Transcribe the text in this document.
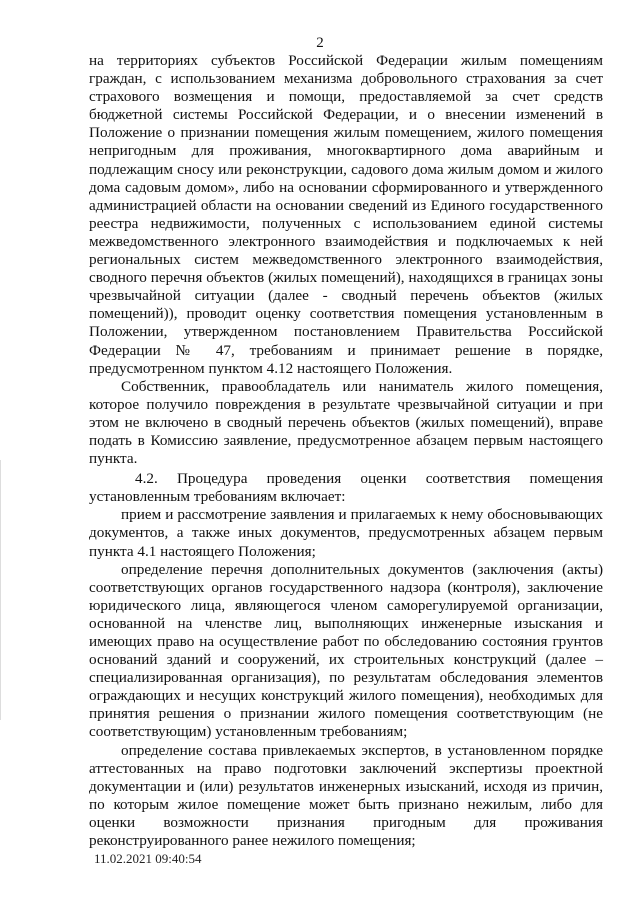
2

на территориях субъектов Российской Федерации жилым помещениям граждан, с использованием механизма добровольного страхования за счет страхового возмещения и помощи, предоставляемой за счет средств бюджетной системы Российской Федерации, и о внесении изменений в Положение о признании помещения жилым помещением, жилого помещения непригодным для проживания, многоквартирного дома аварийным и подлежащим сносу или реконструкции, садового дома жилым домом и жилого дома садовым домом», либо на основании сформированного и утвержденного администрацией области на основании сведений из Единого государственного реестра недвижимости, полученных с использованием единой системы межведомственного электронного взаимодействия и подключаемых к ней региональных систем межведомственного электронного взаимодействия, сводного перечня объектов (жилых помещений), находящихся в границах зоны чрезвычайной ситуации (далее - сводный перечень объектов (жилых помещений)), проводит оценку соответствия помещения установленным в Положении, утвержденном постановлением Правительства Российской Федерации № 47, требованиям и принимает решение в порядке, предусмотренном пунктом 4.12 настоящего Положения.

Собственник, правообладатель или наниматель жилого помещения, которое получило повреждения в результате чрезвычайной ситуации и при этом не включено в сводный перечень объектов (жилых помещений), вправе подать в Комиссию заявление, предусмотренное абзацем первым настоящего пункта.

4.2. Процедура проведения оценки соответствия помещения установленным требованиям включает:

прием и рассмотрение заявления и прилагаемых к нему обосновывающих документов, а также иных документов, предусмотренных абзацем первым пункта 4.1 настоящего Положения;

определение перечня дополнительных документов (заключения (акты) соответствующих органов государственного надзора (контроля), заключение юридического лица, являющегося членом саморегулируемой организации, основанной на членстве лиц, выполняющих инженерные изыскания и имеющих право на осуществление работ по обследованию состояния грунтов оснований зданий и сооружений, их строительных конструкций (далее – специализированная организация), по результатам обследования элементов ограждающих и несущих конструкций жилого помещения), необходимых для принятия решения о признании жилого помещения соответствующим (не соответствующим) установленным требованиям;

определение состава привлекаемых экспертов, в установленном порядке аттестованных на право подготовки заключений экспертизы проектной документации и (или) результатов инженерных изысканий, исходя из причин, по которым жилое помещение может быть признано нежилым, либо для оценки возможности признания пригодным для проживания реконструированного ранее нежилого помещения;

11.02.2021 09:40:54
